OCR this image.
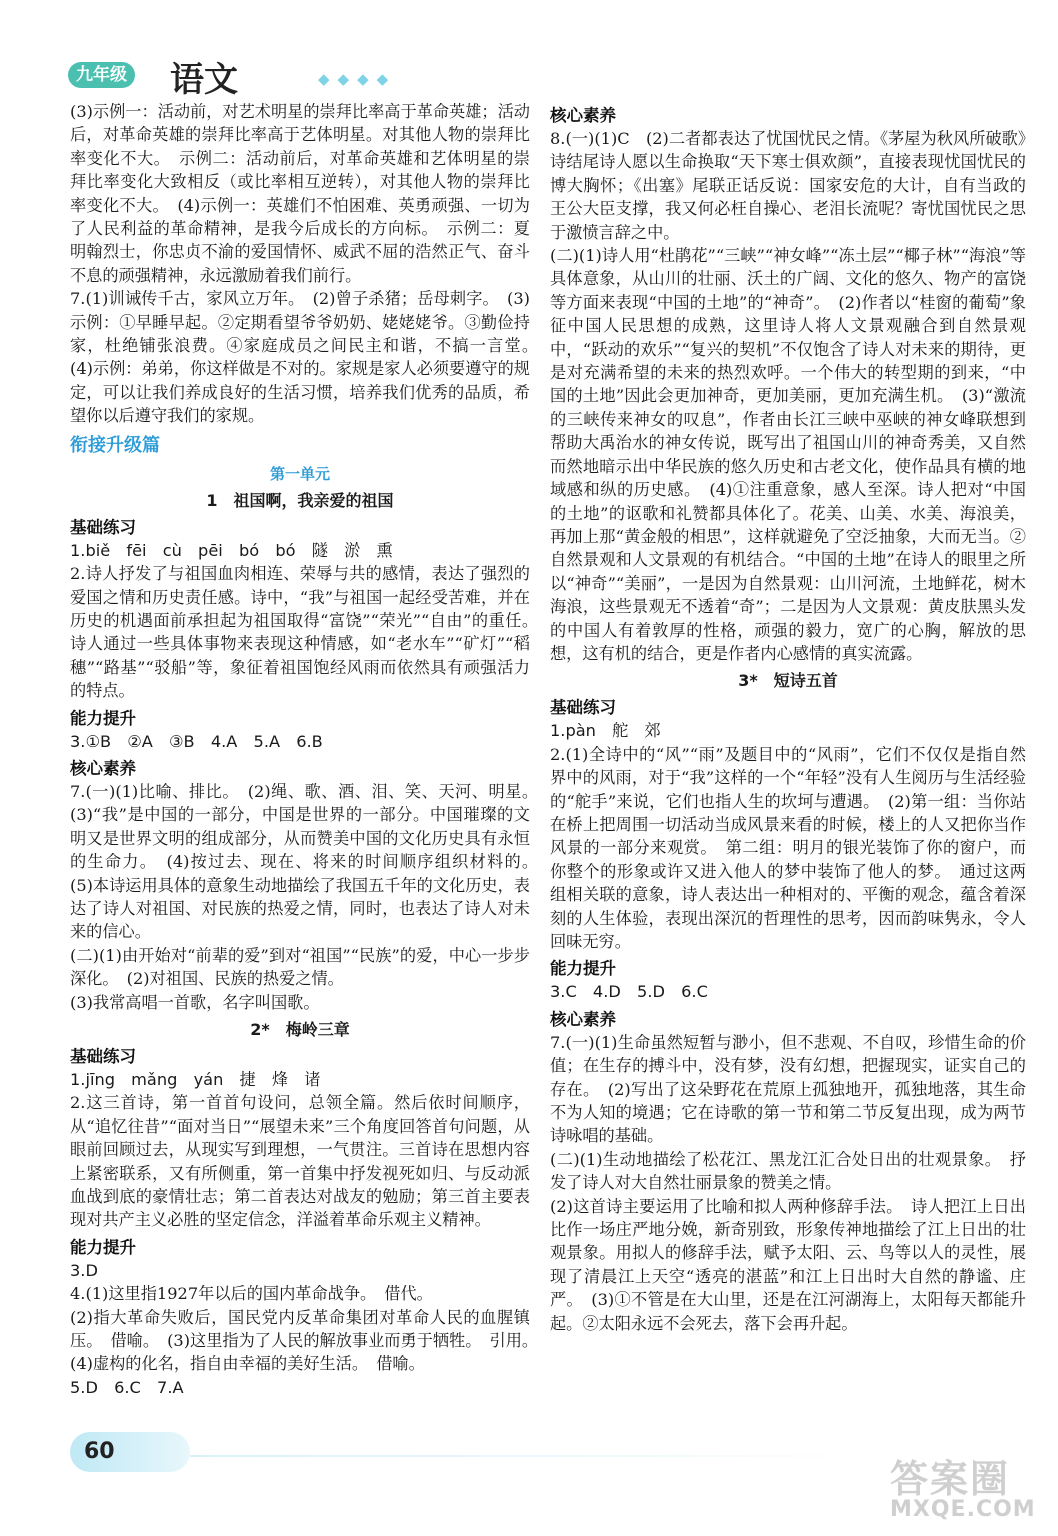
九年级 语文	◆◆◆◆
(3)示例一：活动前，对艺术明星的崇拜比率高于革命英雄；活动后，对革命英雄的崇拜比率高于艺体明星。对其他人物的崇拜比率变化不大。　示例二：活动前后，对革命英雄和艺体明星的崇拜比率变化大致相反（或比率相互逆转），对其他人物的崇拜比率变化不大。　(4)示例一：英雄们不怕困难、英勇顽强、一切为了人民利益的革命精神，是我今后成长的方向标。　示例二：夏明翰烈士，你忠贞不渝的爱国情怀、威武不屈的浩然正气、奋斗不息的顽强精神，永远激励着我们前行。
7.(1)训诫传千古，家风立万年。　(2)曾子杀猪；岳母刺字。　(3)示例：①早睡早起。②定期看望爷爷奶奶、姥姥姥爷。③勤俭持家，杜绝铺张浪费。④家庭成员之间民主和谐，不搞一言堂。　(4)示例：弟弟，你这样做是不对的。家规是家人必须要遵守的规定，可以让我们养成良好的生活习惯，培养我们优秀的品质，希望你以后遵守我们的家规。
衔接升级篇
第一单元
1　祖国啊，我亲爱的祖国
基础练习
1.biě　fēi　cù　pēi　bó　bó　隧　淤　熏
2.诗人抒发了与祖国血肉相连、荣辱与共的感情，表达了强烈的爱国之情和历史责任感。诗中，“我”与祖国一起经受苦难，并在历史的机遇面前承担起为祖国取得“富饶”“荣光”“自由”的重任。　诗人通过一些具体事物来表现这种情感，如“老水车”“矿灯”“稻穗”“路基”“驳船”等，象征着祖国饱经风雨而依然具有顽强活力的特点。
能力提升
3.①B　②A　③B　4.A　5.A　6.B
核心素养
7.(一)(1)比喻、排比。　(2)绳、歌、酒、泪、笑、天河、明星。　(3)“我”是中国的一部分，中国是世界的一部分。中国璀璨的文明又是世界文明的组成部分，从而赞美中国的文化历史具有永恒的生命力。　(4)按过去、现在、将来的时间顺序组织材料的。　(5)本诗运用具体的意象生动地描绘了我国五千年的文化历史，表达了诗人对祖国、对民族的热爱之情，同时，也表达了诗人对未来的信心。
(二)(1)由开始对“前辈的爱”到对“祖国”“民族”的爱，中心一步步深化。　(2)对祖国、民族的热爱之情。
(3)我常高唱一首歌，名字叫国歌。
2*　梅岭三章
基础练习
1.jīng　mǎng　yán　捷　烽　诸
2.这三首诗，第一首首句设问，总领全篇。然后依时间顺序，从“追忆往昔”“面对当日”“展望未来”三个角度回答首句问题，从眼前回顾过去，从现实写到理想，一气贯注。三首诗在思想内容上紧密联系，又有所侧重，第一首集中抒发视死如归、与反动派血战到底的豪情壮志；第二首表达对战友的勉励；第三首主要表现对共产主义必胜的坚定信念，洋溢着革命乐观主义精神。
能力提升
3.D
4.(1)这里指1927年以后的国内革命战争。　借代。
(2)指大革命失败后，国民党内反革命集团对革命人民的血腥镇压。　借喻。　(3)这里指为了人民的解放事业而勇于牺牲。　引用。　(4)虚构的化名，指自由幸福的美好生活。　借喻。
5.D　6.C　7.A
核心素养
8.(一)(1)C　(2)二者都表达了忧国忧民之情。《茅屋为秋风所破歌》诗结尾诗人愿以生命换取“天下寒士俱欢颜”，直接表现忧国忧民的博大胸怀；《出塞》尾联正话反说：国家安危的大计，自有当政的王公大臣支撑，我又何必枉自操心、老泪长流呢？寄忧国忧民之思于激愤言辞之中。
(二)(1)诗人用“杜鹃花”“三峡”“神女峰”“冻土层”“椰子林”“海浪”等具体意象，从山川的壮丽、沃土的广阔、文化的悠久、物产的富饶等方面来表现“中国的土地”的“神奇”。　(2)作者以“桂窗的葡萄”象征中国人民思想的成熟，这里诗人将人文景观融合到自然景观中，“跃动的欢乐”“复兴的契机”不仅饱含了诗人对未来的期待，更是对充满希望的未来的热烈欢呼。一个伟大的转型期的到来，“中国的土地”因此会更加神奇，更加美丽，更加充满生机。　(3)“激流的三峡传来神女的叹息”，作者由长江三峡中巫峡的神女峰联想到帮助大禹治水的神女传说，既写出了祖国山川的神奇秀美，又自然而然地暗示出中华民族的悠久历史和古老文化，使作品具有横的地域感和纵的历史感。　(4)①注重意象，感人至深。诗人把对“中国的土地”的讴歌和礼赞都具体化了。花美、山美、水美、海浪美，再加上那“黄金般的相思”，这样就避免了空泛抽象，大而无当。②自然景观和人文景观的有机结合。“中国的土地”在诗人的眼里之所以“神奇”“美丽”，一是因为自然景观：山川河流，土地鲜花，树木海浪，这些景观无不透着“奇”；二是因为人文景观：黄皮肤黑头发的中国人有着敦厚的性格，顽强的毅力，宽广的心胸，解放的思想，这有机的结合，更是作者内心感情的真实流露。
3*　短诗五首
基础练习
1.pàn　舵　郊
2.(1)全诗中的“风”“雨”及题目中的“风雨”，它们不仅仅是指自然界中的风雨，对于“我”这样的一个“年轻”没有人生阅历与生活经验的“舵手”来说，它们也指人生的坎坷与遭遇。　(2)第一组：当你站在桥上把周围一切活动当成风景来看的时候，楼上的人又把你当作风景的一部分来观赏。　第二组：明月的银光装饰了你的窗户，而你整个的形象或许又进入他人的梦中装饰了他人的梦。　通过这两组相关联的意象，诗人表达出一种相对的、平衡的观念，蕴含着深刻的人生体验，表现出深沉的哲理性的思考，因而韵味隽永，令人回味无穷。
能力提升
3.C　4.D　5.D　6.C
核心素养
7.(一)(1)生命虽然短暂与渺小，但不悲观、不自叹，珍惜生命的价值；在生存的搏斗中，没有梦，没有幻想，把握现实，证实自己的存在。　(2)写出了这朵野花在荒原上孤独地开，孤独地落，其生命不为人知的境遇；它在诗歌的第一节和第二节反复出现，成为两节诗咏唱的基础。
(二)(1)生动地描绘了松花江、黑龙江汇合处日出的壮观景象。　抒发了诗人对大自然壮丽景象的赞美之情。
(2)这首诗主要运用了比喻和拟人两种修辞手法。　诗人把江上日出比作一场庄严地分娩，新奇别致，形象传神地描绘了江上日出的壮观景象。用拟人的修辞手法，赋予太阳、云、鸟等以人的灵性，展现了清晨江上天空“透亮的湛蓝”和江上日出时大自然的静谧、庄严。　(3)①不管是在大山里，还是在江河湖海上，太阳每天都能升起。②太阳永远不会死去，落下会再升起。
60
答案圈
MXQE.COM
